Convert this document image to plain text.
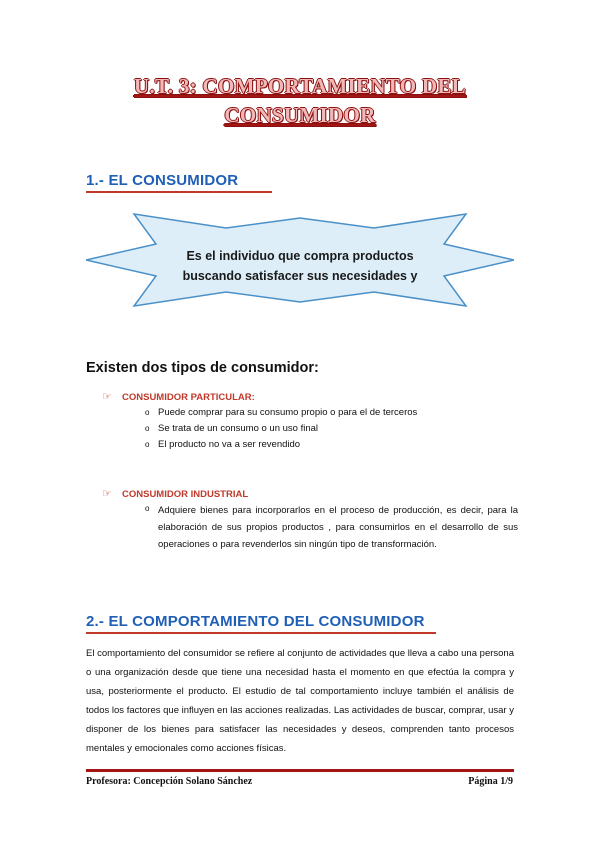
U.T. 3: COMPORTAMIENTO DEL
CONSUMIDOR
1.- EL CONSUMIDOR
Es el individuo que compra productos
buscando satisfacer sus necesidades y
Existen dos tipos de consumidor:
☞ CONSUMIDOR PARTICULAR:
o Puede comprar para su consumo propio o para el de terceros
o Se trata de un consumo o un uso final
o El producto no va a ser revendido
☞ CONSUMIDOR INDUSTRIAL
o Adquiere bienes para incorporarlos en el proceso de producción, es decir, para la elaboración de sus propios productos , para consumirlos en el desarrollo de sus operaciones o para revenderlos sin ningún tipo de transformación.
2.- EL COMPORTAMIENTO DEL CONSUMIDOR
El comportamiento del consumidor se refiere al conjunto de actividades que lleva a cabo una persona o una organización desde que tiene una necesidad hasta el momento en que efectúa la compra y usa, posteriormente el producto. El estudio de tal comportamiento incluye también el análisis de todos los factores que influyen en las acciones realizadas. Las actividades de buscar, comprar, usar y disponer de los bienes para satisfacer las necesidades y deseos, comprenden tanto procesos mentales y emocionales como acciones físicas.
Profesora: Concepción Solano Sánchez	Página 1/9
